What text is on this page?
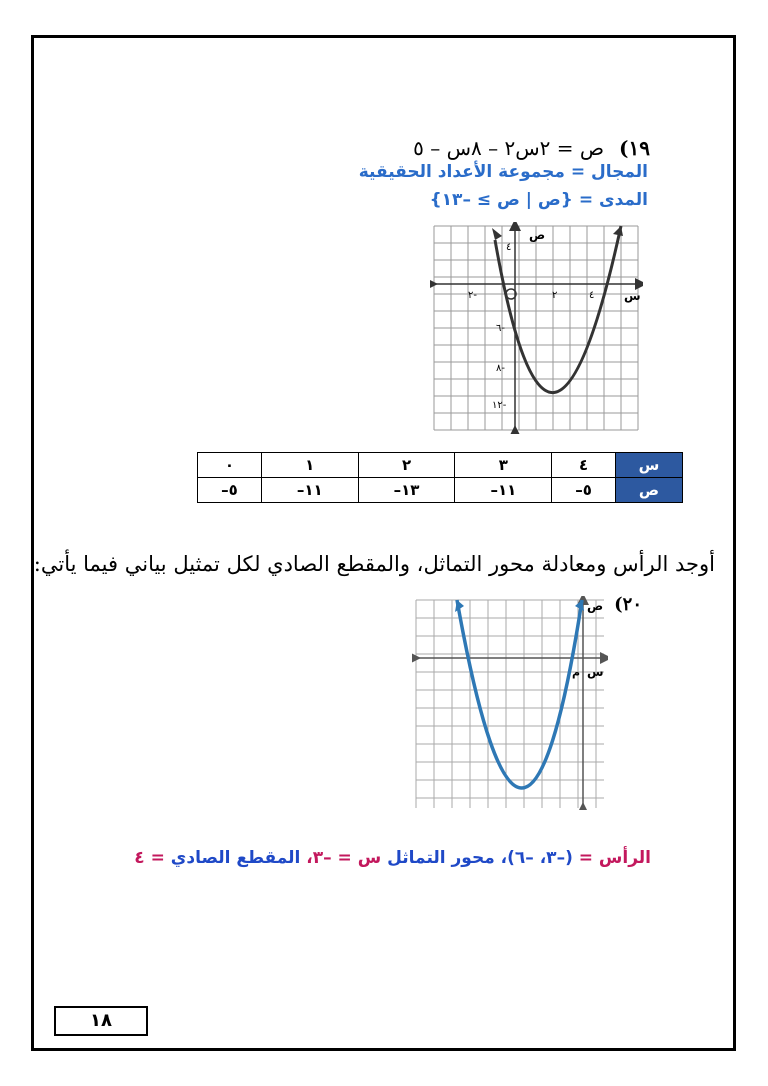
١٩) ص = ٢س٢ – ٨س – ٥
المجال = مجموعة الأعداد الحقيقية
المدى = {ص | ص ≥ –١٣}
ص
س
٤
٢-	٢	٤
٦-
٨-
١٢-
س	٤	٣	٢	١	٠
ص	٥–	١١–	١٣–	١١–	٥–
أوجد الرأس ومعادلة محور التماثل، والمقطع الصادي لكل تمثيل بياني فيما يأتي:
٢٠)
ص
س
م
الرأس = (–٣، –٦)، محور التماثل س = –٣، المقطع الصادي = ٤
١٨
